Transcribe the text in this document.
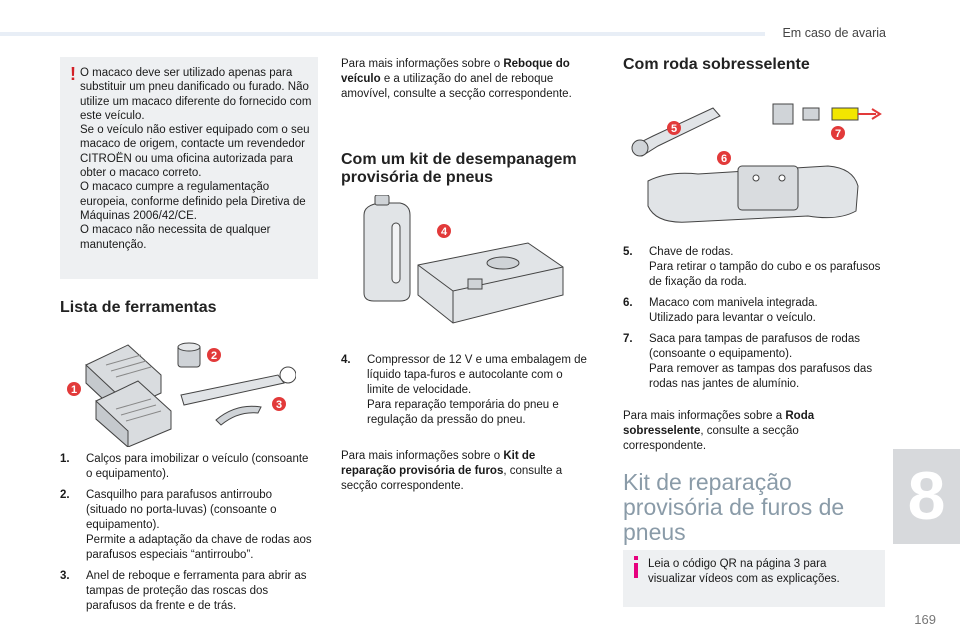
Em caso de avaria
8
169
! O macaco deve ser utilizado apenas para substituir um pneu danificado ou furado. Não utilize um macaco diferente do fornecido com este veículo.
Se o veículo não estiver equipado com o seu macaco de origem, contacte um revendedor CITROËN ou uma oficina autorizada para obter o macaco correto.
O macaco cumpre a regulamentação europeia, conforme definido pela Diretiva de Máquinas 2006/42/CE.
O macaco não necessita de qualquer manutenção.
Lista de ferramentas
1
2
3
1. Calços para imobilizar o veículo (consoante o equipamento).
2. Casquilho para parafusos antirroubo (situado no porta-luvas) (consoante o equipamento).
Permite a adaptação da chave de rodas aos parafusos especiais “antirroubo”.
3. Anel de reboque e ferramenta para abrir as tampas de proteção das roscas dos parafusos da frente e de trás.
Para mais informações sobre o Reboque do veículo e a utilização do anel de reboque amovível, consulte a secção correspondente.
Com um kit de desempanagem
provisória de pneus
4
4. Compressor de 12 V e uma embalagem de líquido tapa-furos e autocolante com o limite de velocidade.
Para reparação temporária do pneu e regulação da pressão do pneu.
Para mais informações sobre o Kit de reparação provisória de furos, consulte a secção correspondente.
Com roda sobresselente
5
6
7
5. Chave de rodas.
Para retirar o tampão do cubo e os parafusos de fixação da roda.
6. Macaco com manivela integrada.
Utilizado para levantar o veículo.
7. Saca para tampas de parafusos de rodas (consoante o equipamento).
Para remover as tampas dos parafusos das rodas nas jantes de alumínio.
Para mais informações sobre a Roda sobresselente, consulte a secção correspondente.
Kit de reparação
provisória de furos de
pneus
Leia o código QR na página 3 para visualizar vídeos com as explicações.
